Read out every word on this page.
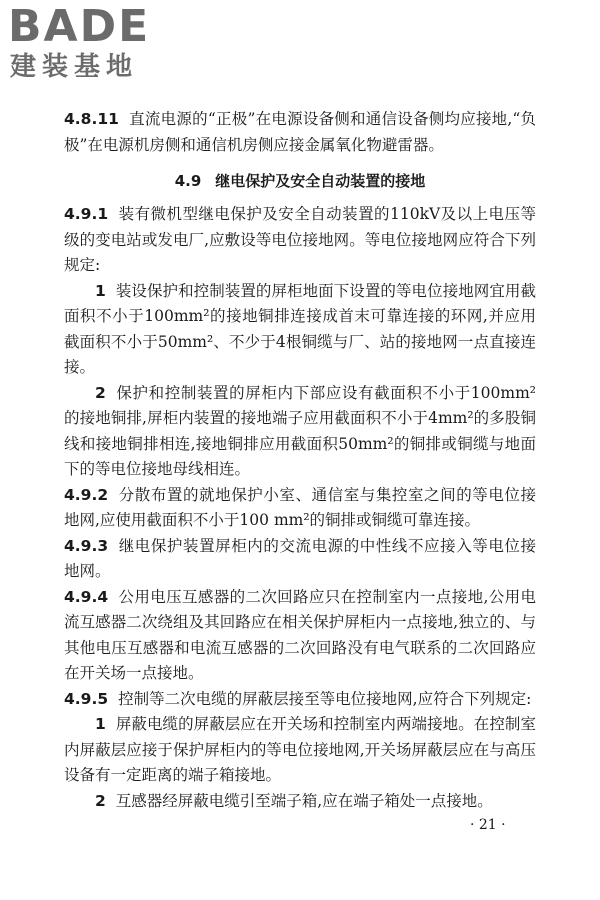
BADE
建装基地

4.8.11 直流电源的“正极”在电源设备侧和通信设备侧均应接地,“负极”在电源机房侧和通信机房侧应接金属氧化物避雷器。

4.9 继电保护及安全自动装置的接地

4.9.1 装有微机型继电保护及安全自动装置的110kV及以上电压等级的变电站或发电厂,应敷设等电位接地网。等电位接地网应符合下列规定:

1 装设保护和控制装置的屏柜地面下设置的等电位接地网宜用截面积不小于100mm²的接地铜排连接成首末可靠连接的环网,并应用截面积不小于50mm²、不少于4根铜缆与厂、站的接地网一点直接连接。

2 保护和控制装置的屏柜内下部应设有截面积不小于100mm²的接地铜排,屏柜内装置的接地端子应用截面积不小于4mm²的多股铜线和接地铜排相连,接地铜排应用截面积50mm²的铜排或铜缆与地面下的等电位接地母线相连。

4.9.2 分散布置的就地保护小室、通信室与集控室之间的等电位接地网,应使用截面积不小于100 mm²的铜排或铜缆可靠连接。

4.9.3 继电保护装置屏柜内的交流电源的中性线不应接入等电位接地网。

4.9.4 公用电压互感器的二次回路应只在控制室内一点接地,公用电流互感器二次绕组及其回路应在相关保护屏柜内一点接地,独立的、与其他电压互感器和电流互感器的二次回路没有电气联系的二次回路应在开关场一点接地。

4.9.5 控制等二次电缆的屏蔽层接至等电位接地网,应符合下列规定:

1 屏蔽电缆的屏蔽层应在开关场和控制室内两端接地。在控制室内屏蔽层应接于保护屏柜内的等电位接地网,开关场屏蔽层应在与高压设备有一定距离的端子箱接地。

2 互感器经屏蔽电缆引至端子箱,应在端子箱处一点接地。

· 21 ·
